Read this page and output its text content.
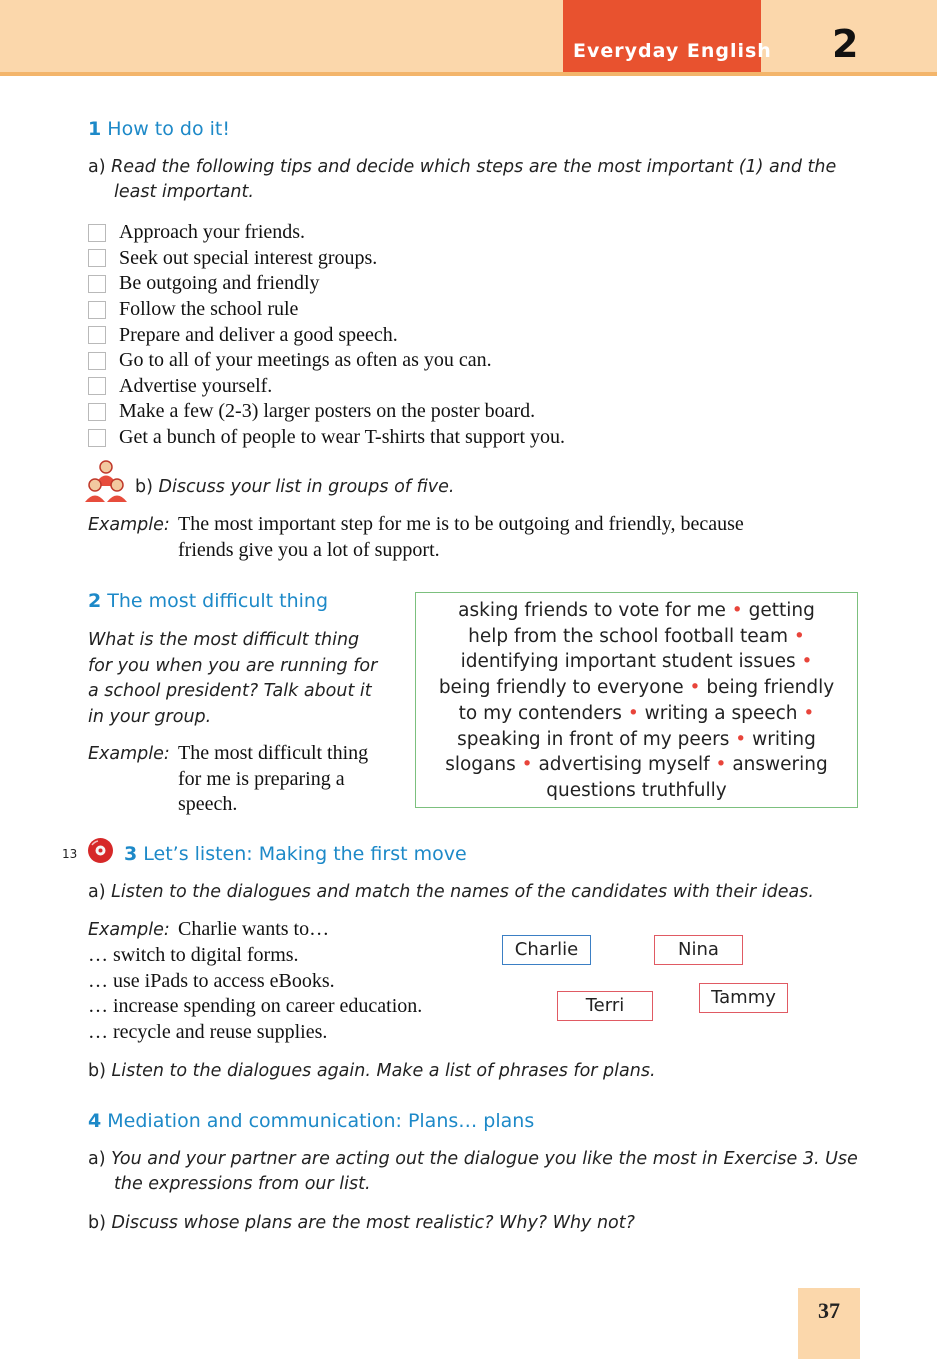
Everyday English 2
1 How to do it!
a) Read the following tips and decide which steps are the most important (1) and the
least important.
Approach your friends.
Seek out special interest groups.
Be outgoing and friendly
Follow the school rule
Prepare and deliver a good speech.
Go to all of your meetings as often as you can.
Advertise yourself.
Make a few (2-3) larger posters on the poster board.
Get a bunch of people to wear T-shirts that support you.
b) Discuss your list in groups of five.
Example: The most important step for me is to be outgoing and friendly, because
friends give you a lot of support.
2 The most difficult thing
What is the most difficult thing
for you when you are running for
a school president? Talk about it
in your group.
Example: The most difficult thing
for me is preparing a
speech.
asking friends to vote for me • getting
help from the school football team •
identifying important student issues •
being friendly to everyone • being friendly
to my contenders • writing a speech •
speaking in front of my peers • writing
slogans • advertising myself • answering
questions truthfully
13 3 Let’s listen: Making the first move
a) Listen to the dialogues and match the names of the candidates with their ideas.
Example: Charlie wants to…
… switch to digital forms.
… use iPads to access eBooks.
… increase spending on career education.
… recycle and reuse supplies.
Charlie	Nina
Tammy
Terri
b) Listen to the dialogues again. Make a list of phrases for plans.
4 Mediation and communication: Plans… plans
a) You and your partner are acting out the dialogue you like the most in Exercise 3. Use
the expressions from our list.
b) Discuss whose plans are the most realistic? Why? Why not?
37
